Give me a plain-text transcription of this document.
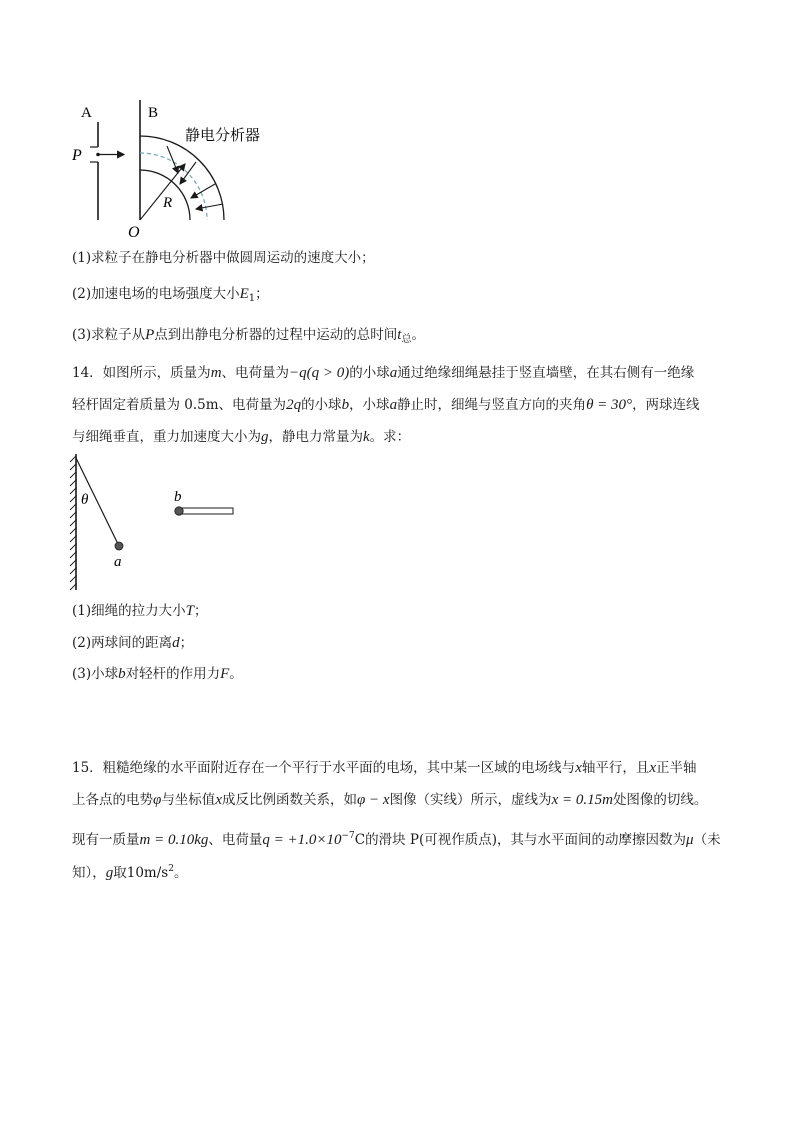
A	B
P
O
R
静电分析器
(1)求粒子在静电分析器中做圆周运动的速度大小；
(2)加速电场的电场强度大小$E_1$；
(3)求粒子从P点到出静电分析器的过程中运动的总时间$t_总$。
14．如图所示，质量为m、电荷量为−q(q > 0)的小球a通过绝缘细绳悬挂于竖直墙壁，在其右侧有一绝缘
轻杆固定着质量为 0.5m、电荷量为2q的小球b，小球a静止时，细绳与竖直方向的夹角θ = 30°，两球连线
与细绳垂直，重力加速度大小为g，静电力常量为k。求：
θ
a
b
(1)细绳的拉力大小T；
(2)两球间的距离d；
(3)小球b对轻杆的作用力F。
15．粗糙绝缘的水平面附近存在一个平行于水平面的电场，其中某一区域的电场线与x轴平行，且x正半轴
上各点的电势φ与坐标值x成反比例函数关系，如φ − x图像（实线）所示，虚线为x = 0.15m处图像的切线。
现有一质量m = 0.10kg、电荷量$q = +1.0\times 10^{-7}C$的滑块 P(可视作质点)，其与水平面间的动摩擦因数为μ（未
知），g取$10m/s^2$。
